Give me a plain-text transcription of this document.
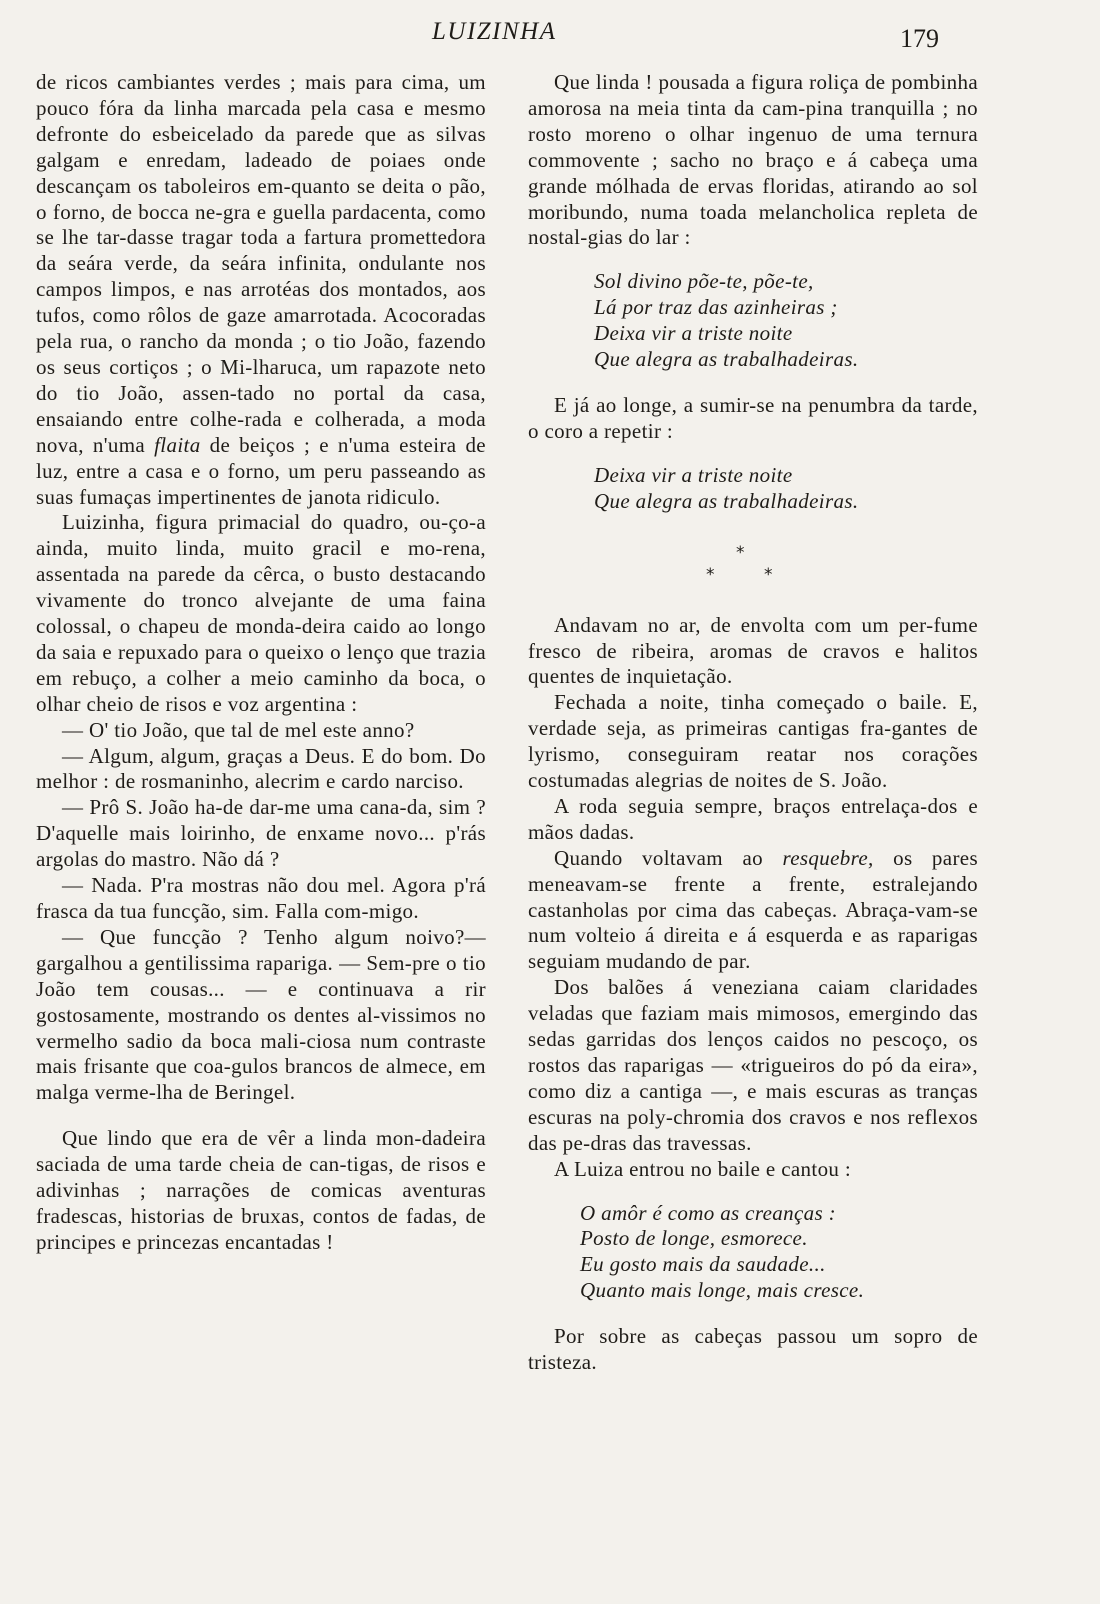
LUIZINHA	179

de ricos cambiantes verdes ; mais para cima, um pouco fóra da linha marcada pela casa e mesmo defronte do esbeicelado da parede que as silvas galgam e enredam, ladeado de poiaes onde descançam os taboleiros em-quanto se deita o pão, o forno, de bocca ne-gra e guella pardacenta, como se lhe tar-dasse tragar toda a fartura promettedora da seára verde, da seára infinita, ondulante nos campos limpos, e nas arrotéas dos montados, aos tufos, como rôlos de gaze amarrotada. Acocoradas pela rua, o rancho da monda ; o tio João, fazendo os seus cortiços ; o Mi-lharuca, um rapazote neto do tio João, assen-tado no portal da casa, ensaiando entre colhe-rada e colherada, a moda nova, n'uma flaita de beiços ; e n'uma esteira de luz, entre a casa e o forno, um peru passeando as suas fumaças impertinentes de janota ridiculo.

Luizinha, figura primacial do quadro, ou-ço-a ainda, muito linda, muito gracil e mo-rena, assentada na parede da cêrca, o busto destacando vivamente do tronco alvejante de uma faina colossal, o chapeu de monda-deira caido ao longo da saia e repuxado para o queixo o lenço que trazia em rebuço, a colher a meio caminho da boca, o olhar cheio de risos e voz argentina :

— O' tio João, que tal de mel este anno?

— Algum, algum, graças a Deus. E do bom. Do melhor : de rosmaninho, alecrim e cardo narciso.

— Prô S. João ha-de dar-me uma cana-da, sim ? D'aquelle mais loirinho, de enxame novo... p'rás argolas do mastro. Não dá ?

— Nada. P'ra mostras não dou mel. Agora p'rá frasca da tua funcção, sim. Falla com-migo.

— Que funcção ? Tenho algum noivo?— gargalhou a gentilissima rapariga. — Sem-pre o tio João tem cousas... — e continuava a rir gostosamente, mostrando os dentes al-vissimos no vermelho sadio da boca mali-ciosa num contraste mais frisante que coa-gulos brancos de almece, em malga verme-lha de Beringel.

Que lindo que era de vêr a linda mon-dadeira saciada de uma tarde cheia de can-tigas, de risos e adivinhas ; narrações de comicas aventuras fradescas, historias de bruxas, contos de fadas, de principes e princezas encantadas !

Que linda ! pousada a figura roliça de pombinha amorosa na meia tinta da cam-pina tranquilla ; no rosto moreno o olhar ingenuo de uma ternura commovente ; sacho no braço e á cabeça uma grande mólhada de ervas floridas, atirando ao sol moribundo, numa toada melancholica repleta de nostal-gias do lar :

Sol divino põe-te, põe-te,
Lá por traz das azinheiras ;
Deixa vir a triste noite
Que alegra as trabalhadeiras.

E já ao longe, a sumir-se na penumbra da tarde, o coro a repetir :

Deixa vir a triste noite
Que alegra as trabalhadeiras.
*
*	*

Andavam no ar, de envolta com um per-fume fresco de ribeira, aromas de cravos e halitos quentes de inquietação.

Fechada a noite, tinha começado o baile. E, verdade seja, as primeiras cantigas fra-gantes de lyrismo, conseguiram reatar nos corações costumadas alegrias de noites de S. João.

A roda seguia sempre, braços entrelaça-dos e mãos dadas.

Quando voltavam ao resquebre, os pares meneavam-se frente a frente, estralejando castanholas por cima das cabeças. Abraça-vam-se num volteio á direita e á esquerda e as raparigas seguiam mudando de par.

Dos balões á veneziana caiam claridades veladas que faziam mais mimosos, emergindo das sedas garridas dos lenços caidos no pescoço, os rostos das raparigas — «trigueiros do pó da eira», como diz a cantiga —, e mais escuras as tranças escuras na poly-chromia dos cravos e nos reflexos das pe-dras das travessas.

A Luiza entrou no baile e cantou :

O amôr é como as creanças :
Posto de longe, esmorece.
Eu gosto mais da saudade...
Quanto mais longe, mais cresce.

Por sobre as cabeças passou um sopro de tristeza.
